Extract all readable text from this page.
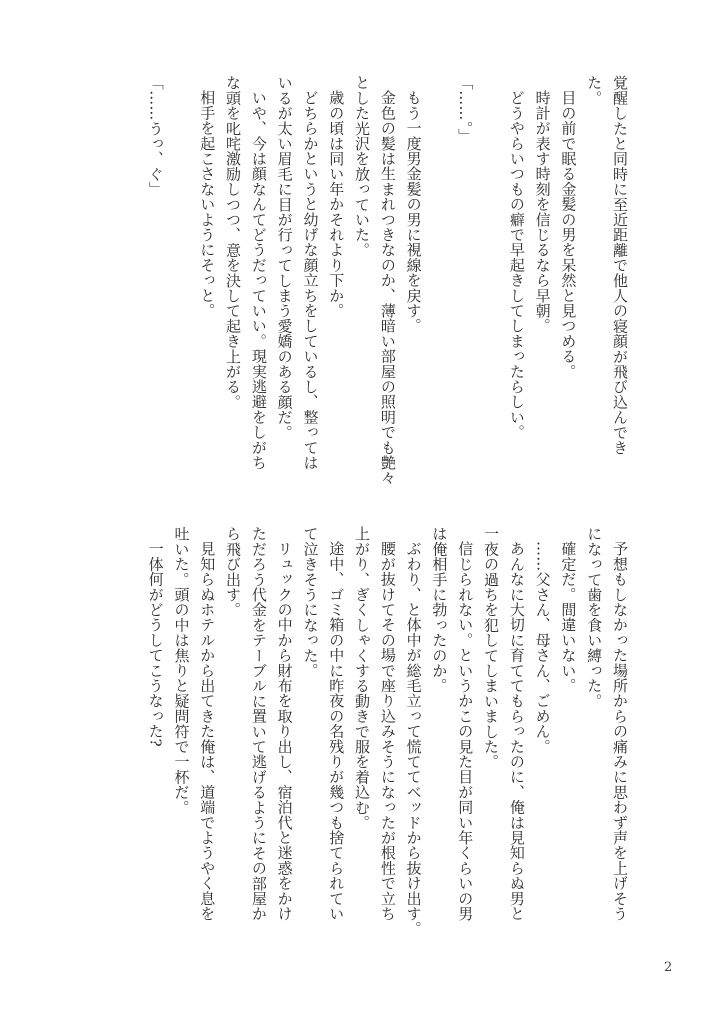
覚醒したと同時に至近距離で他人の寝顔が飛び込んでき
た。
目の前で眠る金髪の男を呆然と見つめる。
時計が表す時刻を信じるなら早朝。
どうやらいつもの癖で早起きしてしまったらしい。
「……。」
もう一度男金髪の男に視線を戻す。
金色の髪は生まれつきなのか、薄暗い部屋の照明でも艶々
とした光沢を放っていた。
歳の頃は同い年かそれより下か。
どちらかというと幼げな顔立ちをしているし、整っては
いるが太い眉毛に目が行ってしまう愛嬌のある顔だ。
いや、今は顔なんてどうだっていい。現実逃避をしがち
な頭を叱咤激励しつつ、意を決して起き上がる。
相手を起こさないようにそっと。
「……うっ、ぐ」
予想もしなかった場所からの痛みに思わず声を上げそう
になって歯を食い縛った。
確定だ。間違いない。
……父さん、母さん、ごめん。
あんなに大切に育ててもらったのに、俺は見知らぬ男と
一夜の過ちを犯してしまいました。
信じられない。というかこの見た目が同い年くらいの男
は俺相手に勃ったのか。
ぶわり、と体中が総毛立って慌ててベッドから抜け出す。
腰が抜けてその場で座り込みそうになったが根性で立ち
上がり、ぎくしゃくする動きで服を着込む。
途中、ゴミ箱の中に昨夜の名残りが幾つも捨てられてい
て泣きそうになった。
リュックの中から財布を取り出し、宿泊代と迷惑をかけ
ただろう代金をテーブルに置いて逃げるようにその部屋か
ら飛び出す。
見知らぬホテルから出てきた俺は、道端でようやく息を
吐いた。頭の中は焦りと疑問符で一杯だ。
一体何がどうしてこうなった?
2
